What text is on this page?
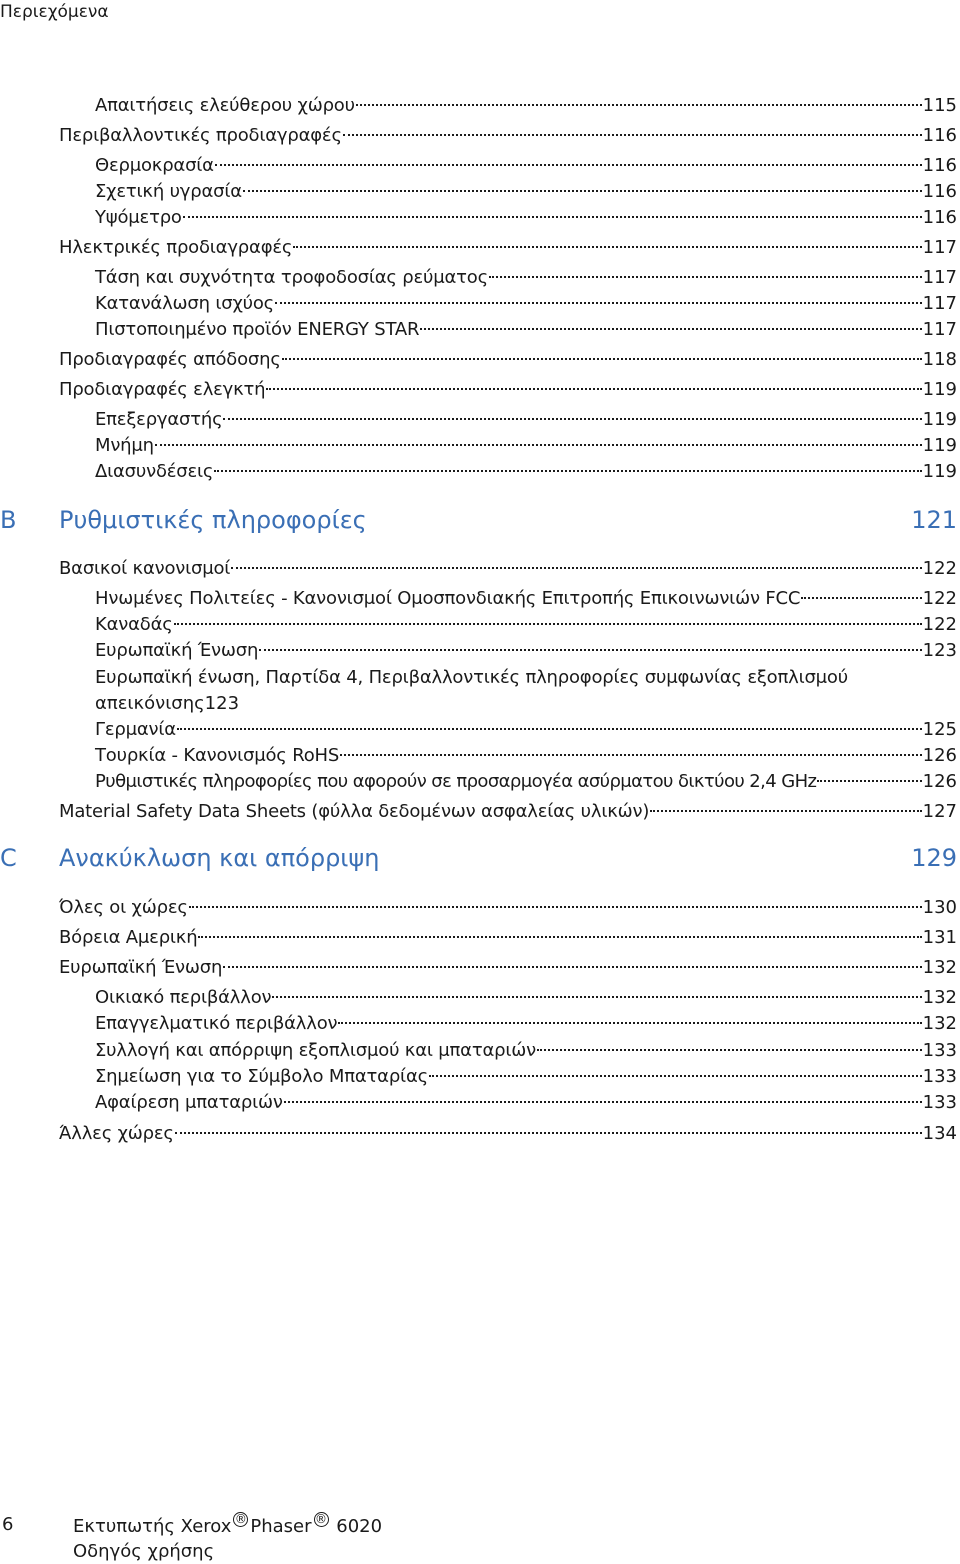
Περιεχόμενα
Απαιτήσεις ελεύθερου χώρου	115
Περιβαλλοντικές προδιαγραφές	116
Θερμοκρασία	116
Σχετική υγρασία	116
Υψόμετρο	116
Ηλεκτρικές προδιαγραφές	117
Τάση και συχνότητα τροφοδοσίας ρεύματος	117
Κατανάλωση ισχύος	117
Πιστοποιημένο προϊόν ENERGY STAR	117
Προδιαγραφές απόδοσης	118
Προδιαγραφές ελεγκτή	119
Επεξεργαστής	119
Μνήμη	119
Διασυνδέσεις	119
B Ρυθμιστικές πληροφορίες	121
Βασικοί κανονισμοί	122
Ηνωμένες Πολιτείες - Κανονισμοί Ομοσπονδιακής Επιτροπής Επικοινωνιών FCC	122
Καναδάς	122
Ευρωπαϊκή Ένωση	123
Ευρωπαϊκή ένωση, Παρτίδα 4, Περιβαλλοντικές πληροφορίες συμφωνίας εξοπλισμού
απεικόνισης 123
Γερμανία	125
Τουρκία - Κανονισμός RoHS	126
Ρυθμιστικές πληροφορίες που αφορούν σε προσαρμογέα ασύρματου δικτύου 2,4 GHz	126
Material Safety Data Sheets (φύλλα δεδομένων ασφαλείας υλικών)	127
C Ανακύκλωση και απόρριψη	129
Όλες οι χώρες	130
Βόρεια Αμερική	131
Ευρωπαϊκή Ένωση	132
Οικιακό περιβάλλον	132
Επαγγελματικό περιβάλλον	132
Συλλογή και απόρριψη εξοπλισμού και μπαταριών	133
Σημείωση για το Σύμβολο Μπαταρίας	133
Αφαίρεση μπαταριών	133
Άλλες χώρες	134
6	Εκτυπωτής Xerox ® Phaser ® 6020
Οδηγός χρήσης
